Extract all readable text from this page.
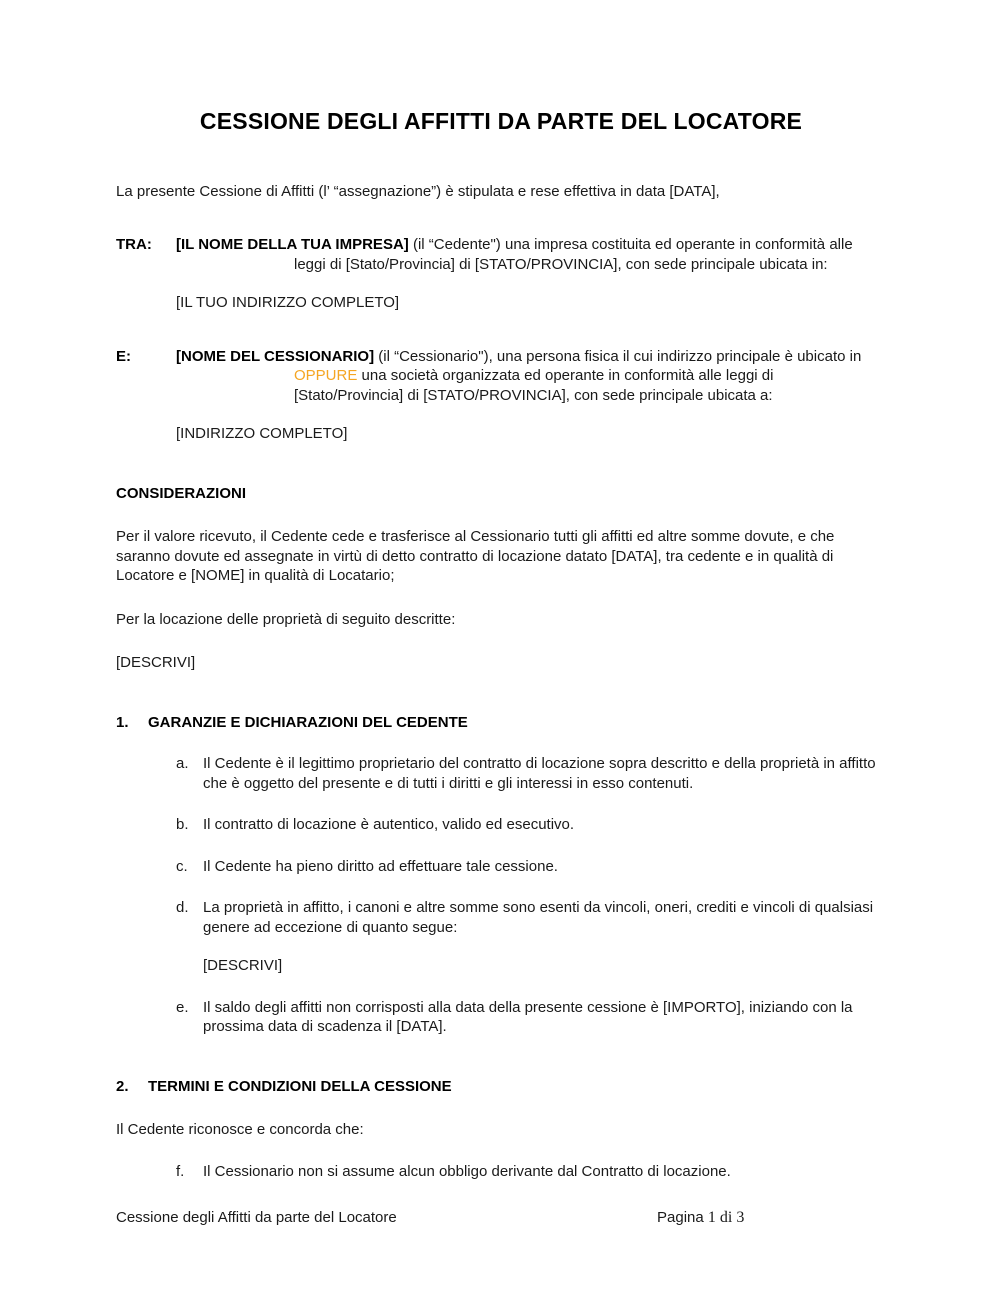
CESSIONE DEGLI AFFITTI DA PARTE DEL LOCATORE

La presente Cessione di Affitti (l’ “assegnazione”) è stipulata e rese effettiva in data [DATA],

TRA: [IL NOME DELLA TUA IMPRESA] (il “Cedente") una impresa costituita ed operante in conformità alle leggi di [Stato/Provincia] di [STATO/PROVINCIA], con sede principale ubicata in:
[IL TUO INDIRIZZO COMPLETO]
E:	[NOME DEL CESSIONARIO] (il “Cessionario"), una persona fisica il cui indirizzo principale è ubicato in OPPURE una società organizzata ed operante in conformità alle leggi di [Stato/Provincia] di [STATO/PROVINCIA], con sede principale ubicata a:
[INDIRIZZO COMPLETO]
CONSIDERAZIONI

Per il valore ricevuto, il Cedente cede e trasferisce al Cessionario tutti gli affitti ed altre somme dovute, e che saranno dovute ed assegnate in virtù di detto contratto di locazione datato [DATA], tra cedente e in qualità di Locatore e [NOME] in qualità di Locatario;

Per la locazione delle proprietà di seguito descritte:

[DESCRIVI]

1. GARANZIE E DICHIARAZIONI DEL CEDENTE
a. Il Cedente è il legittimo proprietario del contratto di locazione sopra descritto e della proprietà in affitto che è oggetto del presente e di tutti i diritti e gli interessi in esso contenuti.
b. Il contratto di locazione è autentico, valido ed esecutivo.
c.	Il Cedente ha pieno diritto ad effettuare tale cessione.
d. La proprietà in affitto, i canoni e altre somme sono esenti da vincoli, oneri, crediti e vincoli di qualsiasi genere ad eccezione di quanto segue:
[DESCRIVI]
e. Il saldo degli affitti non corrisposti alla data della presente cessione è [IMPORTO], iniziando con la prossima data di scadenza il [DATA].
2. TERMINI E CONDIZIONI DELLA CESSIONE

Il Cedente riconosce e concorda che:

f.	Il Cessionario non si assume alcun obbligo derivante dal Contratto di locazione.
Cessione degli Affitti da parte del Locatore	Pagina 1 di 3
